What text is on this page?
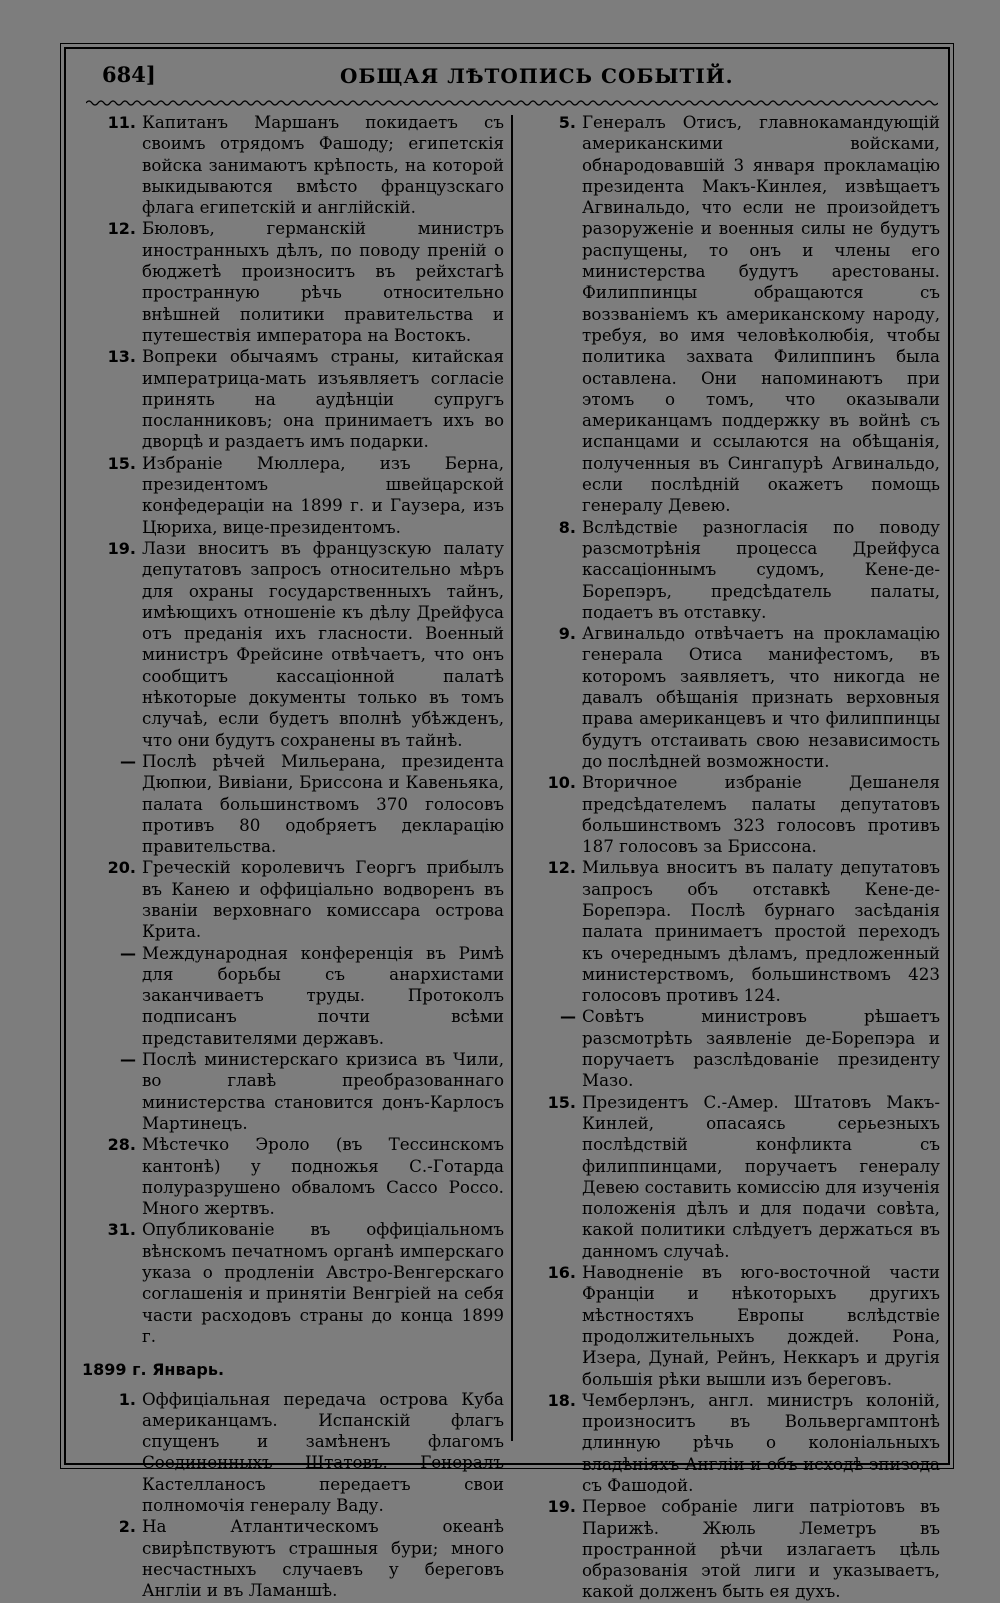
684]	ОБЩАЯ ЛѢТОПИСЬ СОБЫТІЙ.
11. Капитанъ Маршанъ покидаетъ съ своимъ отрядомъ Фашоду; египетскія войска занимаютъ крѣпость, на которой выкидываются вмѣсто французскаго флага египетскій и англійскій.
12. Бюловъ, германскій министръ иностранныхъ дѣлъ, по поводу преній о бюджетѣ произноситъ въ рейхстагѣ пространную рѣчь относительно внѣшней политики правительства и путешествія императора на Востокъ.
13. Вопреки обычаямъ страны, китайская императрица-мать изъявляетъ согласіе принять на аудѣнціи супругъ посланниковъ; она принимаетъ ихъ во дворцѣ и раздаетъ имъ подарки.
15. Избраніе Мюллера, изъ Берна, президентомъ швейцарской конфедераціи на 1899 г. и Гаузера, изъ Цюриха, вице-президентомъ.
19. Лази вноситъ въ французскую палату депутатовъ запросъ относительно мѣръ для охраны государственныхъ тайнъ, имѣющихъ отношеніе къ дѣлу Дрейфуса отъ преданія ихъ гласности. Военный министръ Фрейсине отвѣчаетъ, что онъ сообщитъ кассаціонной палатѣ нѣкоторые документы только въ томъ случаѣ, если будетъ вполнѣ убѣжденъ, что они будутъ сохранены въ тайнѣ.
— Послѣ рѣчей Мильерана, президента Дюпюи, Вивіани, Бриссона и Кавеньяка, палата большинствомъ 370 голосовъ противъ 80 одобряетъ декларацію правительства.
20. Греческій королевичъ Георгъ прибылъ въ Канею и оффиціально водворенъ въ званіи верховнаго комиссара острова Крита.
— Международная конференція въ Римѣ для борьбы съ анархистами заканчиваетъ труды. Протоколъ подписанъ почти всѣми представителями державъ.
— Послѣ министерскаго кризиса въ Чили, во главѣ преобразованнаго министерства становится донъ-Карлосъ Мартинецъ.
28. Мѣстечко Эроло (въ Тессинскомъ кантонѣ) у подножья С.-Готарда полуразрушено обваломъ Сассо Россо. Много жертвъ.
31. Опубликованіе въ оффиціальномъ вѣнскомъ печатномъ органѣ имперскаго указа о продленіи Австро-Венгерскаго соглашенія и принятіи Венгріей на себя части расходовъ страны до конца 1899 г.
1899 г. Январь.
1. Оффиціальная передача острова Куба американцамъ. Испанскій флагъ спущенъ и замѣненъ флагомъ Соединенныхъ Штатовъ. Генералъ Кастелланосъ передаетъ свои полномочія генералу Ваду.
2. На Атлантическомъ океанѣ свирѣпствуютъ страшныя бури; много несчастныхъ случаевъ у береговъ Англіи и въ Ламаншѣ.
5. Генералъ Отисъ, главнокамандующій американскими войсками, обнародовавшій 3 января прокламацію президента Макъ-Кинлея, извѣщаетъ Агвинальдо, что если не произойдетъ разоруженіе и военныя силы не будутъ распущены, то онъ и члены его министерства будутъ арестованы. Филиппинцы обращаются съ воззваніемъ къ американскому народу, требуя, во имя человѣколюбія, чтобы политика захвата Филиппинъ была оставлена. Они напоминаютъ при этомъ о томъ, что оказывали американцамъ поддержку въ войнѣ съ испанцами и ссылаются на обѣщанія, полученныя въ Сингапурѣ Агвинальдо, если послѣдній окажетъ помощь генералу Девею.
8. Вслѣдствіе разногласія по поводу разсмотрѣнія процесса Дрейфуса кассаціоннымъ судомъ, Кене-де-Борепэръ, предсѣдатель палаты, подаетъ въ отставку.
9. Агвинальдо отвѣчаетъ на прокламацію генерала Отиса манифестомъ, въ которомъ заявляетъ, что никогда не давалъ обѣщанія признать верховныя права американцевъ и что филиппинцы будутъ отстаивать свою независимость до послѣдней возможности.
10. Вторичное избраніе Дешанеля предсѣдателемъ палаты депутатовъ большинствомъ 323 голосовъ противъ 187 голосовъ за Бриссона.
12. Мильвуа вноситъ въ палату депутатовъ запросъ объ отставкѣ Кене-де-Борепэра. Послѣ бурнаго засѣданія палата принимаетъ простой переходъ къ очереднымъ дѣламъ, предложенный министерствомъ, большинствомъ 423 голосовъ противъ 124.
— Совѣтъ министровъ рѣшаетъ разсмотрѣть заявленіе де-Борепэра и поручаетъ разслѣдованіе президенту Мазо.
15. Президентъ С.-Амер. Штатовъ Макъ-Кинлей, опасаясь серьезныхъ послѣдствій конфликта съ филиппинцами, поручаетъ генералу Девею составить комиссію для изученія положенія дѣлъ и для подачи совѣта, какой политики слѣдуетъ держаться въ данномъ случаѣ.
16. Наводненіе въ юго-восточной части Франціи и нѣкоторыхъ другихъ мѣстностяхъ Европы вслѣдствіе продолжительныхъ дождей. Рона, Изера, Дунай, Рейнъ, Неккаръ и другія большія рѣки вышли изъ береговъ.
18. Чемберлэнъ, англ. министръ колоній, произноситъ въ Вольвергамптонѣ длинную рѣчь о колоніальныхъ владѣніяхъ Англіи и объ исходѣ эпизода съ Фашодой.
19. Первое собраніе лиги патріотовъ въ Парижѣ. Жюль Леметръ въ пространной рѣчи излагаетъ цѣль образованія этой лиги и указываетъ, какой долженъ быть ея духъ.
